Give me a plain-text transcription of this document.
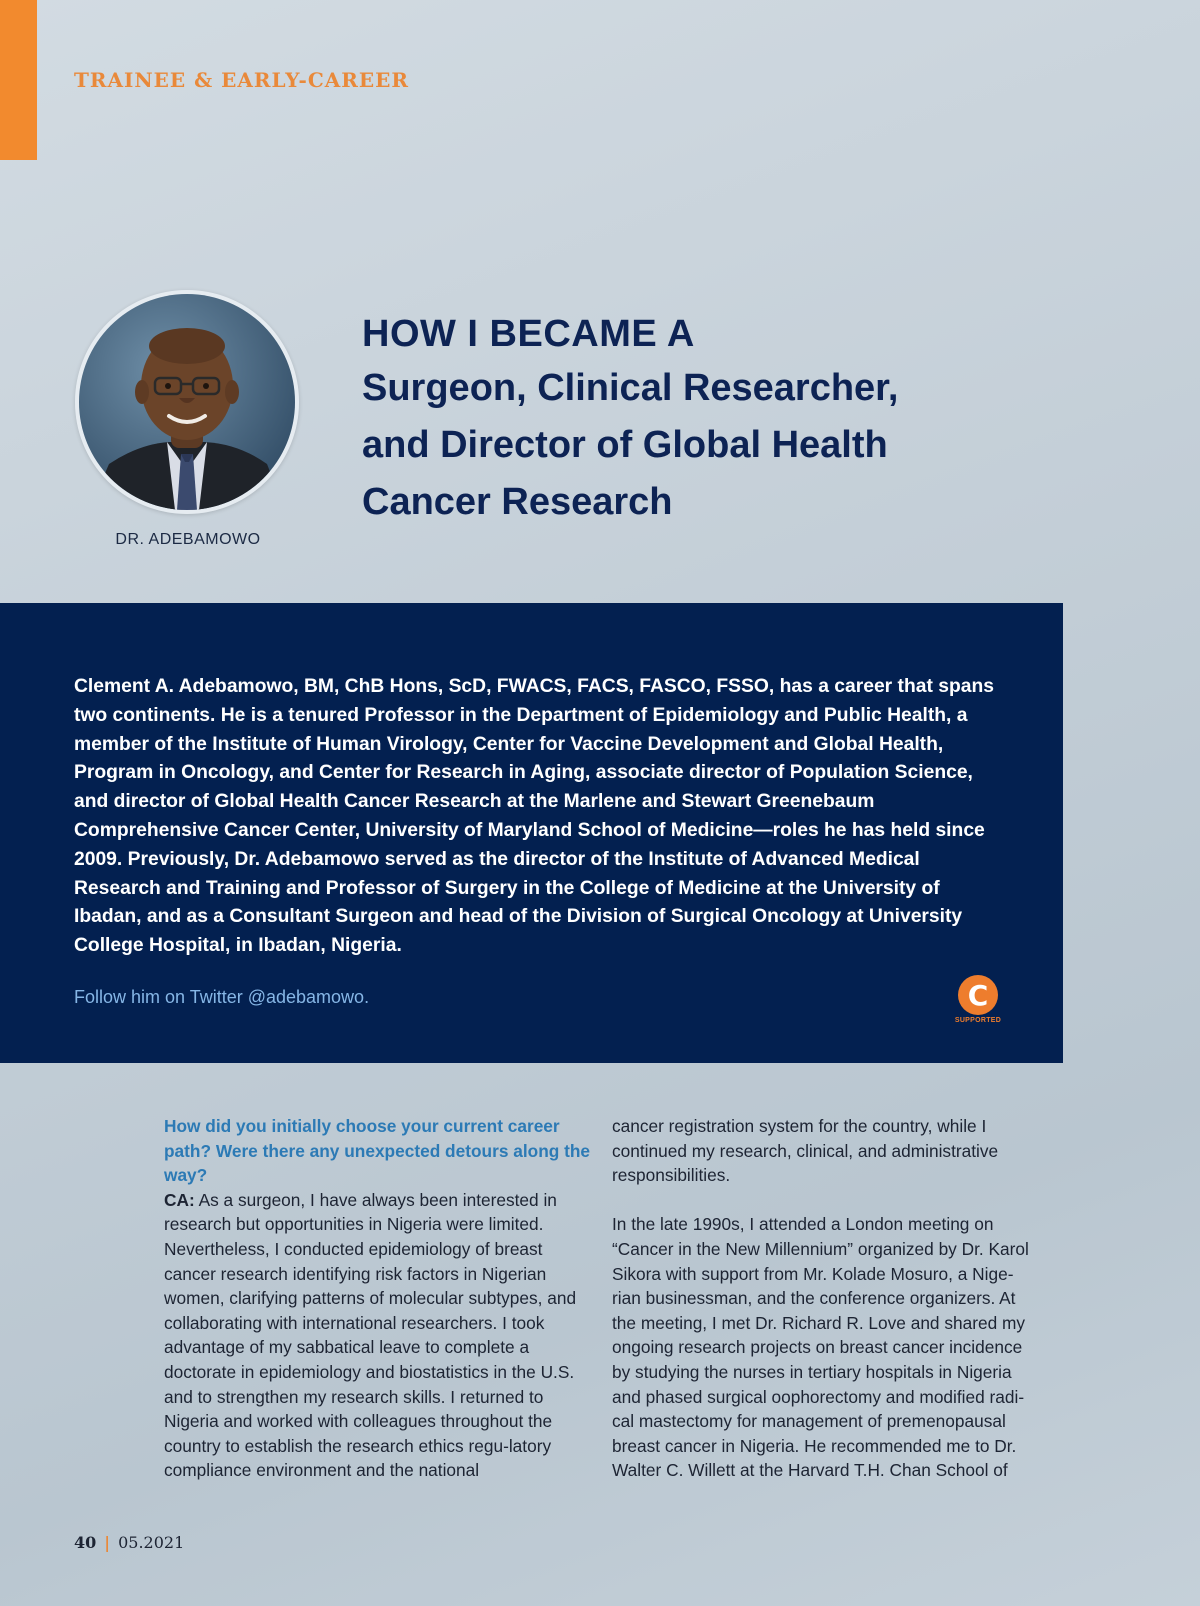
TRAINEE & EARLY-CAREER

DR. ADEBAMOWO

HOW I BECAME A
Surgeon, Clinical Researcher,
and Director of Global Health
Cancer Research

Clement A. Adebamowo, BM, ChB Hons, ScD, FWACS, FACS, FASCO, FSSO, has a career that spans two continents. He is a tenured Professor in the Department of Epidemiology and Public Health, a member of the Institute of Human Virology, Center for Vaccine Development and Global Health, Program in Oncology, and Center for Research in Aging, associate director of Population Science, and director of Global Health Cancer Research at the Marlene and Stewart Greenebaum Comprehensive Cancer Center, University of Maryland School of Medicine—roles he has held since 2009. Previously, Dr. Adebamowo served as the director of the Institute of Advanced Medical Research and Training and Professor of Surgery in the College of Medicine at the University of Ibadan, and as a Consultant Surgeon and head of the Division of Surgical Oncology at University College Hospital, in Ibadan, Nigeria.

Follow him on Twitter @adebamowo.	C
SUPPORTED
How did you initially choose your current career path? Were there any unexpected detours along the way?
CA: As a surgeon, I have always been interested in research but opportunities in Nigeria were limited. Nevertheless, I conducted epidemiology of breast cancer research identifying risk factors in Nigerian women, clarifying patterns of molecular subtypes, and collaborating with international researchers. I took advantage of my sabbatical leave to complete a doctorate in epidemiology and biostatistics in the U.S. and to strengthen my research skills. I returned to Nigeria and worked with colleagues throughout the country to establish the research ethics regu-latory compliance environment and the national
cancer registration system for the country, while I continued my research, clinical, and administrative responsibilities.
In the late 1990s, I attended a London meeting on “Cancer in the New Millennium” organized by Dr. Karol Sikora with support from Mr. Kolade Mosuro, a Nige-rian businessman, and the conference organizers. At the meeting, I met Dr. Richard R. Love and shared my ongoing research projects on breast cancer incidence by studying the nurses in tertiary hospitals in Nigeria and phased surgical oophorectomy and modified radi-cal mastectomy for management of premenopausal breast cancer in Nigeria. He recommended me to Dr. Walter C. Willett at the Harvard T.H. Chan School of

40 | 05.2021
